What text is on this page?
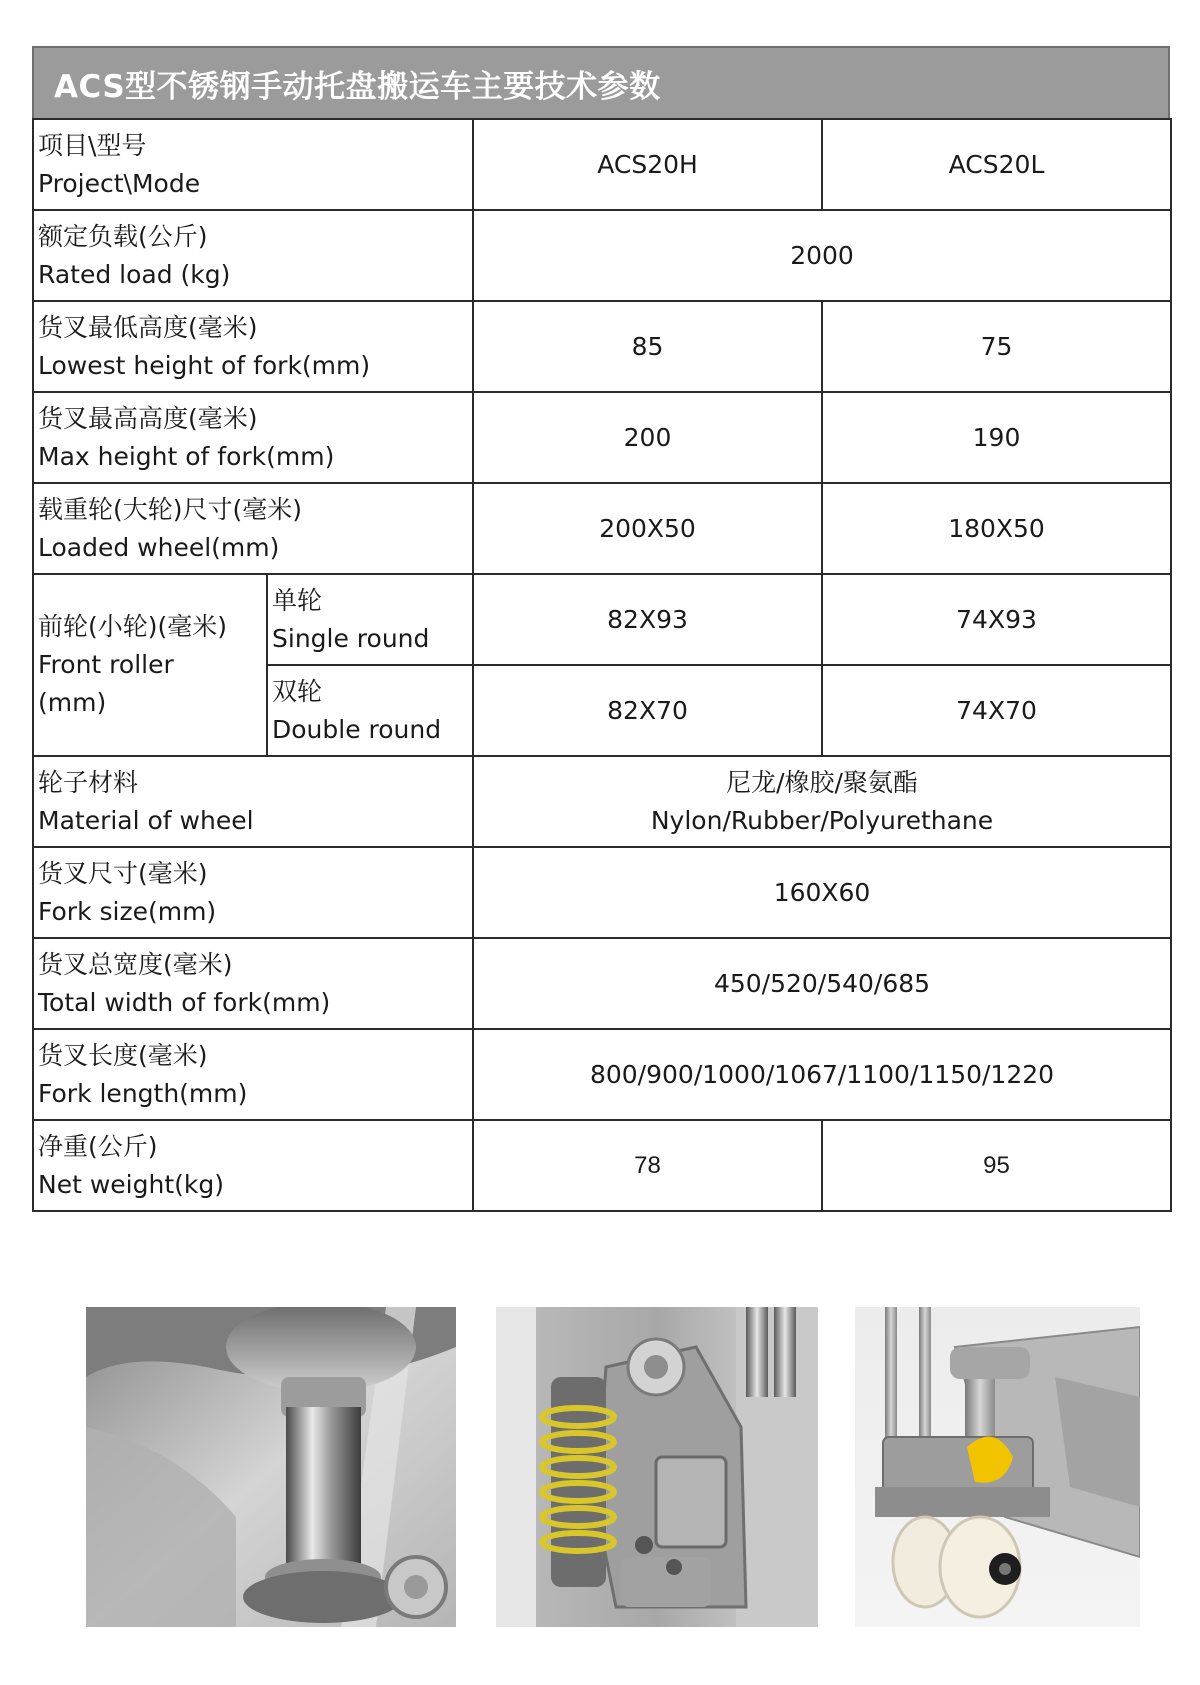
ACS型不锈钢手动托盘搬运车主要技术参数
项目\型号
Project\Mode		ACS20H	ACS20L

额定负载(公斤)
Rated load (kg)		2000	

货叉最低高度(毫米)
Lowest height of fork(mm)		85	75

货叉最高高度(毫米)
Max height of fork(mm)		200	190

载重轮(大轮)尺寸(毫米)
Loaded wheel(mm)		200X50	180X50

前轮(小轮)(毫米)
Front roller
(mm)	单轮
Single round	82X93	74X93

	双轮
Double round	82X70	74X70

轮子材料
Material of wheel		尼龙/橡胶/聚氨酯
Nylon/Rubber/Polyurethane	

货叉尺寸(毫米)
Fork size(mm)		160X60	

货叉总宽度(毫米)
Total width of fork(mm)		450/520/540/685	

货叉长度(毫米)
Fork length(mm)		800/900/1000/1067/1100/1150/1220	

净重(公斤)
Net weight(kg)		78	95
